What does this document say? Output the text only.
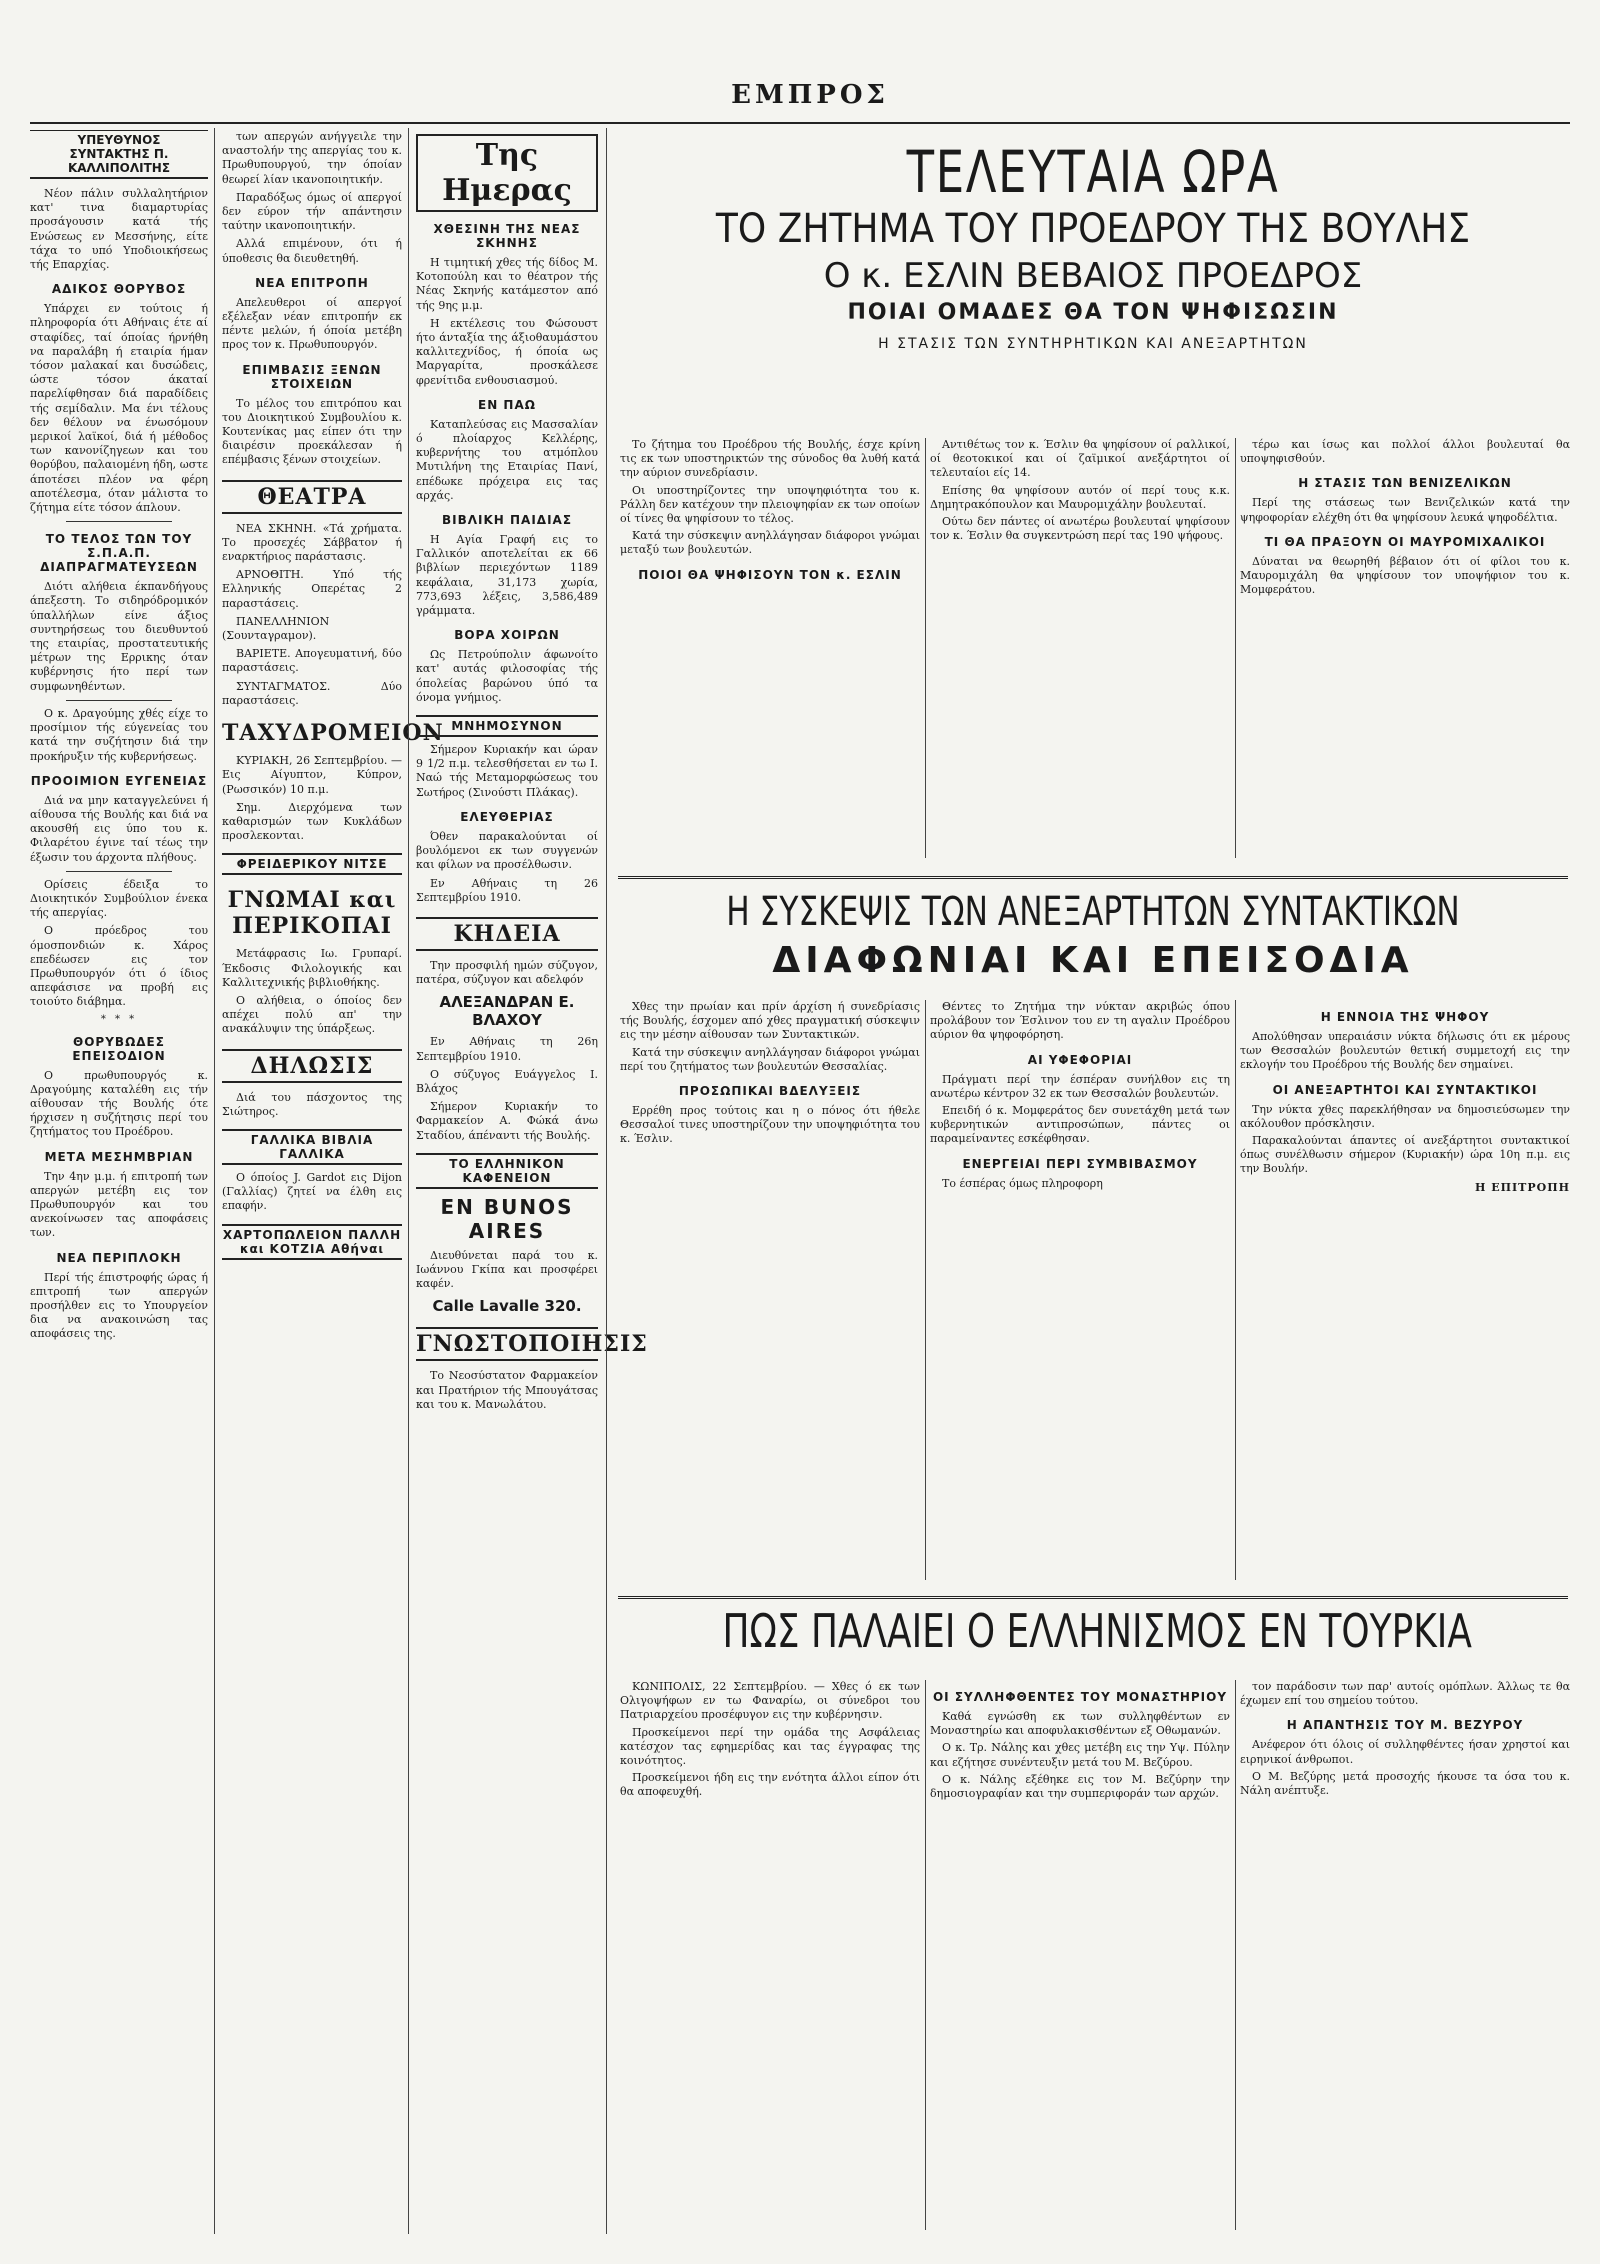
ΕΜΠΡΟΣ
ΥΠΕΥΘΥΝΟΣ
ΣΥΝΤΑΚΤΗΣ Π. ΚΑΛΛΙΠΟΛΙΤΗΣ

Νέον πάλιν συλλαλητήριον κατ' τινα διαμαρτυρίας προσάγουσιν κατά τής Ενώσεως εν Μεσσήνης, είτε τάχα το υπό Υποδιοικήσεως τής Επαρχίας.

ΑΔΙΚΟΣ ΘΟΡΥΒΟΣ

Υπάρχει εν τούτοις ή πληροφορία ότι Αθήναις έτε αί σταφίδες, ταί όποίας ήρνήθη να παραλάβη ή εταιρία ήμαν τόσον μαλακαί και δυσώδεις, ώστε τόσον άκαταί παρελίφθησαν διά παραδίδεις τής σεμίδαλιν. Μα ένι τέλους δεν θέλουν να ένωσόμουν μερικοί λαϊκοί, διά ή μέθοδος των κανονίζηγεων και του θορύβου, παλαιομένη ήδη, ωστε άποτέσει πλέον να φέρη αποτέλεσμα, όταν μάλιστα το ζήτημα είτε τόσον άπλουν.

ΤΟ ΤΕΛΟΣ ΤΩΝ ΤΟΥ Σ.Π.Α.Π. ΔΙΑΠΡΑΓΜΑΤΕΥΣΕΩΝ

Διότι αλήθεια έκπανδήγους άπεξεστη. Το σιδηρόδρομικόν ύπαλλήλων είνε άξιος συντηρήσεως του διευθυντού της εταιρίας, προστατευτικής μέτρων της Ερρικης όταν κυβέρνησις ήτο περί των συμφωνηθέντων.

Ο κ. Δραγούμης χθές είχε το προσίμιον τής εύγενείας του κατά την συζήτησιν διά την προκήρυξιν τής κυβερνήσεως.

ΠΡΟΟΙΜΙΟΝ ΕΥΓΕΝΕΙΑΣ

Διά να μην καταγγελεύνει ή αίθουσα τής Βουλής και διά να ακουσθή εις ύπο του κ. Φιλαρέτου έγινε ταί τέως την έξωσιν του άρχοντα πλήθους.

Ορίσεις έδειξα το Διοικητικόν Συμβούλιον ένεκα τής απεργίας.

Ο πρόεδρος του όμοσπονδιών κ. Χάρος επεδέωσεν εις τον Πρωθυπουργόν ότι ό ίδιος απεφάσισε να προβή εις τοιούτο διάβημα.

* * *
ΘΟΡΥΒΩΔΕΣ ΕΠΕΙΣΟΔΙΟΝ

Ο πρωθυπουργός κ. Δραγούμης καταλέθη εις τήν αίθουσαν τής Βουλής ότε ήρχισεν η συζήτησις περί του ζητήματος του Προέδρου.

ΜΕΤΑ ΜΕΣΗΜΒΡΙΑΝ

Την 4ην μ.μ. ή επιτροπή των απεργών μετέβη εις τον Πρωθυπουργόν και του ανεκοίνωσεν τας αποφάσεις των.

ΝΕΑ ΠΕΡΙΠΛΟΚΗ

Περί τής έπιστροφής ώρας ή επιτροπή των απεργών προσήλθεν εις το Υπουργείον δια να ανακοινώση τας αποφάσεις της.

των απεργών ανήγγειλε την αναστολήν της απεργίας του κ. Πρωθυπουργού, την όποίαν θεωρεί λίαν ικανοποιητικήν.

Παραδόξως όμως οί απεργοί δεν εύρον τήν απάντησιν ταύτην ικανοποιητικήν.

Αλλά επιμένουν, ότι ή ύποθεσις θα διευθετηθή.

ΝΕΑ ΕΠΙΤΡΟΠΗ

Απελευθεροι οί απεργοί εξέλεξαν νέαν επιτροπήν εκ πέντε μελών, ή όποία μετέβη προς τον κ. Πρωθυπουργόν.

ΕΠΙΜΒΑΣΙΣ ΞΕΝΩΝ ΣΤΟΙΧΕΙΩΝ

Το μέλος του επιτρόπου και του Διοικητικού Συμβουλίου κ. Κουτενίκας μας είπεν ότι την διαιρέσιν προεκάλεσαν ή επέμβασις ξένων στοιχείων.

ΘΕΑΤΡΑ

ΝΕΑ ΣΚΗΝΗ. «Τά χρήματα. Το προσεχές Σάββατον ή εναρκτήριος παράστασις.

ΑΡΝΟΘΙΤΗ. Υπό τής Ελληνικής Οπερέτας 2 παραστάσεις.

ΠΑΝΕΛΛΗΝΙΟΝ (Σουνταγραμον).

ΒΑΡΙΕΤΕ. Απογευματινή, δύο παραστάσεις.

ΣΥΝΤΑΓΜΑΤΟΣ. Δύο παραστάσεις.

ΤΑΧΥΔΡΟΜΕΙΟΝ

ΚΥΡΙΑΚΗ, 26 Σεπτεμβρίου. — Εις Αίγυπτον, Κύπρον, (Ρωσσικόν) 10 π.μ.

Σημ. Διερχόμενα των καθαρισμών των Κυκλάδων προσλεκονται.

ΦΡΕΙΔΕΡΙΚΟΥ ΝΙΤΣΕ
ΓΝΩΜΑΙ και ΠΕΡΙΚΟΠΑΙ

Μετάφρασις Ιω. Γρυπαρί. Έκδοσις Φιλολογικής και Καλλιτεχνικής βιβλιοθήκης.

Ο αλήθεια, ο όποίος δεν απέχει πολύ απ' την ανακάλυψιν της ύπάρξεως.

ΔΗΛΩΣΙΣ

Διά του πάσχοντος της Σιώτηρος.

ΓΑΛΛΙΚΑ ΒΙΒΛΙΑ ΓΑΛΛΙΚΑ

Ο όποίος J. Gardot εις Dijon (Γαλλίας) ζητεί να έλθη εις επαφήν.

ΧΑΡΤΟΠΩΛΕΙΟΝ ΠΑΛΛΗ και ΚΟΤΖΙΑ Αθήναι
Της Ημερας
ΧΘΕΣΙΝΗ ΤΗΣ ΝΕΑΣ ΣΚΗΝΗΣ

Η τιμητική χθες τής δίδος Μ. Κοτοπούλη και το θέατρον τής Νέας Σκηνής κατάμεστον από τής 9ης μ.μ.

Η εκτέλεσις του Φώσουστ ήτο άνταξία της άξιοθαυμάστου καλλιτεχνίδος, ή όποία ως Μαργαρίτα, προσκάλεσε φρενίτιδα ενθουσιασμού.

ΕΝ ΠΑΩ

Καταπλεύσας εις Μασσαλίαν ό πλοίαρχος Κελλέρης, κυβερνήτης του ατμόπλου Μυτιλήνη της Εταιρίας Πανί, επέδωκε πρόχειρα εις τας αρχάς.

ΒΙΒΛΙΚΗ ΠΑΙΔΙΑΣ

Η Αγία Γραφή εις το Γαλλικόν αποτελείται εκ 66 βιβλίων περιεχόντων 1189 κεφάλαια, 31,173 χωρία, 773,693 λέξεις, 3,586,489 γράμματα.

ΒΟΡΑ ΧΟΙΡΩΝ

Ως Πετρούπολιν άφωνοίτο κατ' αυτάς φιλοσοφίας τής όπολείας βαρώνου ύπό τα όνομα γνήμιος.

ΜΝΗΜΟΣΥΝΟΝ

Σήμερον Κυριακήν και ώραν 9 1/2 π.μ. τελεσθήσεται εν τω Ι. Ναώ τής Μεταμορφώσεως του Σωτήρος (Σινούστι Πλάκας).

ΕΛΕΥΘΕΡΙΑΣ

Όθεν παρακαλούνται οί βουλόμενοι εκ των συγγενών και φίλων να προσέλθωσιν.

Εν Αθήναις τη 26 Σεπτεμβρίου 1910.

ΚΗΔΕΙΑ

Την προσφιλή ημών σύζυγον, πατέρα, σύζυγον και αδελφόν

ΑΛΕΞΑΝΔΡΑΝ Ε. ΒΛΑΧΟΥ

Εν Αθήναις τη 26η Σεπτεμβρίου 1910.

Ο σύζυγος Ευάγγελος Ι. Βλάχος

Σήμερον Κυριακήν το Φαρμακείον Α. Φώκά άνω Σταδίου, άπέναντι τής Βουλής.

ΤΟ ΕΛΛΗΝΙΚΟΝ ΚΑΦΕΝΕΙΟΝ
ΕΝ BUNOS AIRES

Διευθύνεται παρά του κ. Ιωάννου Γκίπα και προσφέρει καφέν.

Calle Lavalle 320.
ΓΝΩΣΤΟΠΟΙΗΣΙΣ

Το Νεοσύστατον Φαρμακείον και Πρατήριον τής Μπουγάτσας και του κ. Μανωλάτου.

ΤΕΛΕΥΤΑΙΑ ΩΡΑ
ΤΟ ΖΗΤΗΜΑ ΤΟΥ ΠΡΟΕΔΡΟΥ ΤΗΣ ΒΟΥΛΗΣ
Ο κ. ΕΣΛΙΝ ΒΕΒΑΙΟΣ ΠΡΟΕΔΡΟΣ
ΠΟΙΑΙ ΟΜΑΔΕΣ ΘΑ ΤΟΝ ΨΗΦΙΣΩΣΙΝ
Η ΣΤΑΣΙΣ ΤΩΝ ΣΥΝΤΗΡΗΤΙΚΩΝ ΚΑΙ ΑΝΕΞΑΡΤΗΤΩΝ

Το ζήτημα του Προέδρου τής Βουλής, έσχε κρίνη τις εκ των υποστηρικτών της σύνοδος θα λυθή κατά την αύριον συνεδρίασιν.

Οι υποστηρίζοντες την υποψηφιότητα του κ. Ράλλη δεν κατέχουν την πλειοψηφίαν εκ των οποίων οί τίνες θα ψηφίσουν το τέλος.

Κατά την σύσκεψιν ανηλλάγησαν διάφοροι γνώμαι μεταξύ των βουλευτών.

ΠΟΙΟΙ ΘΑ ΨΗΦΙΣΟΥΝ ΤΟΝ κ. ΕΣΛΙΝ

Αντιθέτως τον κ. Έσλιν θα ψηφίσουν οί ραλλικοί, οί θεοτοκικοί και οί ζαϊμικοί ανεξάρτητοι οί τελευταίοι είς 14.

Επίσης θα ψηφίσουν αυτόν οί περί τους κ.κ. Δημητρακόπουλον και Μαυρομιχάλην βουλευταί.

Ούτω δεν πάντες οί ανωτέρω βουλευταί ψηφίσουν τον κ. Έσλιν θα συγκεντρώση περί τας 190 ψήφους.

τέρω και ίσως και πολλοί άλλοι βουλευταί θα υποψηφισθούν.

Η ΣΤΑΣΙΣ ΤΩΝ ΒΕΝΙΖΕΛΙΚΩΝ

Περί της στάσεως των Βενιζελικών κατά την ψηφοφορίαν ελέχθη ότι θα ψηφίσουν λευκά ψηφοδέλτια.

ΤΙ ΘΑ ΠΡΑΞΟΥΝ ΟΙ ΜΑΥΡΟΜΙΧΑΛΙΚΟΙ

Δύναται να θεωρηθή βέβαιον ότι οί φίλοι του κ. Μαυρομιχάλη θα ψηφίσουν τον υποψήφιον του κ. Μομφεράτου.

Η ΣΥΣΚΕΨΙΣ ΤΩΝ ΑΝΕΞΑΡΤΗΤΩΝ ΣΥΝΤΑΚΤΙΚΩΝ
ΔΙΑΦΩΝΙΑΙ ΚΑΙ ΕΠΕΙΣΟΔΙΑ

Χθες την πρωίαν και πρίν άρχίση ή συνεδρίασις τής Βουλής, έσχομεν από χθες πραγματική σύσκεψιν εις την μέσην αίθουσαν των Συντακτικών.

Κατά την σύσκεψιν ανηλλάγησαν διάφοροι γνώμαι περί του ζητήματος των βουλευτών Θεσσαλίας.

ΠΡΟΣΩΠΙΚΑΙ ΒΔΕΛΥΞΕΙΣ

Ερρέθη προς τούτοις και η ο πόνος ότι ήθελε Θεσσαλοί τινες υποστηρίζουν την υποψηφιότητα του κ. Έσλιν.

Θέντες το Ζητήμα την νύκταν ακριβώς όπου προλάβουν τον Έσλινον του εν τη αγαλιν Προέδρου αύριον θα ψηφοφόρηση.

ΑΙ ΥΦΕΦΟΡΙΑΙ

Πράγματι περί την έσπέραν συνήλθον εις τη ανωτέρω κέντρον 32 εκ των Θεσσαλών βουλευτών.

Επειδή ό κ. Μομφεράτος δεν συνετάχθη μετά των κυβερνητικών αντιπροσώπων, πάντες οι παραμείναντες εσκέφθησαν.

ΕΝΕΡΓΕΙΑΙ ΠΕΡΙ ΣΥΜΒΙΒΑΣΜΟΥ

Το έσπέρας όμως πληροφορη

Η ΕΝΝΟΙΑ ΤΗΣ ΨΗΦΟΥ

Απολύθησαν υπεραιάσιν νύκτα δήλωσις ότι εκ μέρους των Θεσσαλών βουλευτών θετική συμμετοχή εις την εκλογήν του Προέδρου τής Βουλής δεν σημαίνει.

ΟΙ ΑΝΕΞΑΡΤΗΤΟΙ ΚΑΙ ΣΥΝΤΑΚΤΙΚΟΙ

Την νύκτα χθες παρεκλήθησαν να δημοσιεύσωμεν την ακόλουθον πρόσκλησιν.

Παρακαλούνται άπαντες οί ανεξάρτητοι συντακτικοί όπως συνέλθωσιν σήμερον (Κυριακήν) ώρα 10η π.μ. εις την Βουλήν.

Η ΕΠΙΤΡΟΠΗ
ΠΩΣ ΠΑΛΑΙΕΙ Ο ΕΛΛΗΝΙΣΜΟΣ ΕΝ ΤΟΥΡΚΙΑ

ΚΩΝΙΠΟΛΙΣ, 22 Σεπτεμβρίου. — Χθες ό εκ των Ολιγοψήφων εν τω Φαναρίω, οι σύνεδροι του Πατριαρχείου προσέφυγον εις την κυβέρνησιν.

Προσκείμενοι περί την ομάδα της Ασφάλειας κατέσχον τας εφημερίδας και τας έγγραφας της κοινότητος.

Προσκείμενοι ήδη εις την ενότητα άλλοι είπον ότι θα αποφευχθή.

ΟΙ ΣΥΛΛΗΦΘΕΝΤΕΣ ΤΟΥ ΜΟΝΑΣΤΗΡΙΟΥ

Καθά εγνώσθη εκ των συλληφθέντων εν Μοναστηρίω και αποφυλακισθέντων εξ Οθωμανών.

Ο κ. Τρ. Νάλης και χθες μετέβη εις την Υψ. Πύλην και εζήτησε συνέντευξιν μετά του Μ. Βεζύρου.

Ο κ. Νάλης εξέθηκε εις τον Μ. Βεζύρην την δημοσιογραφίαν και την συμπεριφοράν των αρχών.

τον παράδοσιν των παρ' αυτοίς ομόπλων. Άλλως τε θα έχωμεν επί του σημείου τούτου.

Η ΑΠΑΝΤΗΣΙΣ ΤΟΥ Μ. ΒΕΖΥΡΟΥ

Ανέφερον ότι όλοις οί συλληφθέντες ήσαν χρηστοί και ειρηνικοί άνθρωποι.

Ο Μ. Βεζύρης μετά προσοχής ήκουσε τα όσα του κ. Νάλη ανέπτυξε.
